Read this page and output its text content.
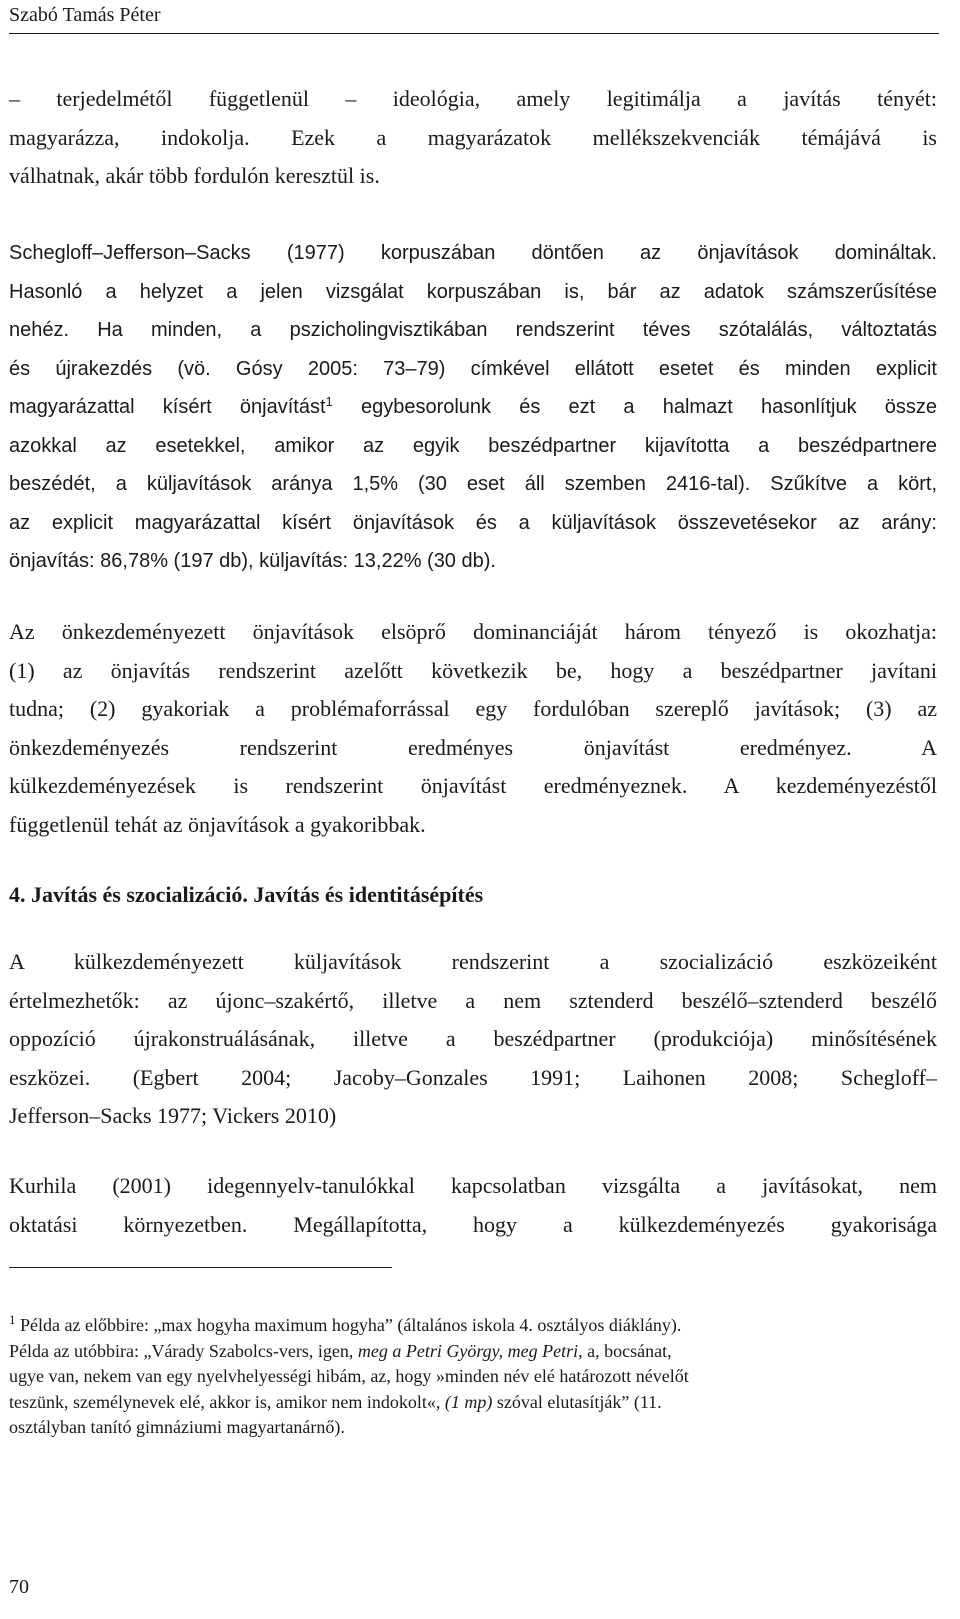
Szabó Tamás Péter
– terjedelmétől függetlenül – ideológia, amely legitimálja a javítás tényét:
magyarázza, indokolja. Ezek a magyarázatok mellékszekvenciák témájává is
válhatnak, akár több fordulón keresztül is.
Schegloff–Jefferson–Sacks (1977) korpuszában döntően az önjavítások domináltak.
Hasonló a helyzet a jelen vizsgálat korpuszában is, bár az adatok számszerűsítése
nehéz. Ha minden, a pszicholingvisztikában rendszerint téves szótalálás, változtatás
és újrakezdés (vö. Gósy 2005: 73–79) címkével ellátott esetet és minden explicit
magyarázattal kísért önjavítást$^1$ egybesorolunk és ezt a halmazt hasonlítjuk össze
azokkal az esetekkel, amikor az egyik beszédpartner kijavította a beszédpartnere
beszédét, a küljavítások aránya 1,5% (30 eset áll szemben 2416-tal). Szűkítve a kört,
az explicit magyarázattal kísért önjavítások és a küljavítások összevetésekor az arány:
önjavítás: 86,78% (197 db), küljavítás: 13,22% (30 db).
Az önkezdeményezett önjavítások elsöprő dominanciáját három tényező is okozhatja:
(1) az önjavítás rendszerint azelőtt következik be, hogy a beszédpartner javítani
tudna; (2) gyakoriak a problémaforrással egy fordulóban szereplő javítások; (3) az
önkezdeményezés rendszerint eredményes önjavítást eredményez. A
külkezdeményezések is rendszerint önjavítást eredményeznek. A kezdeményezéstől
függetlenül tehát az önjavítások a gyakoribbak.
4. Javítás és szocializáció. Javítás és identitásépítés
A külkezdeményezett küljavítások rendszerint a szocializáció eszközeiként
értelmezhetők: az újonc–szakértő, illetve a nem sztenderd beszélő–sztenderd beszélő
oppozíció újrakonstruálásának, illetve a beszédpartner (produkciója) minősítésének
eszközei. (Egbert 2004; Jacoby–Gonzales 1991; Laihonen 2008; Schegloff–
Jefferson–Sacks 1977; Vickers 2010)
Kurhila (2001) idegennyelv-tanulókkal kapcsolatban vizsgálta a javításokat, nem
oktatási környezetben. Megállapította, hogy a külkezdeményezés gyakorisága
$^1$ Példa az előbbire: „max hogyha maximum hogyha” (általános iskola 4. osztályos diáklány).
Példa az utóbbira: „Várady Szabolcs-vers, igen, meg a Petri György, meg Petri, a, bocsánat,
ugye van, nekem van egy nyelvhelyességi hibám, az, hogy »minden név elé határozott névelőt
teszünk, személynevek elé, akkor is, amikor nem indokolt«, (1 mp) szóval elutasítják” (11.
osztályban tanító gimnáziumi magyartanárnő).
70
